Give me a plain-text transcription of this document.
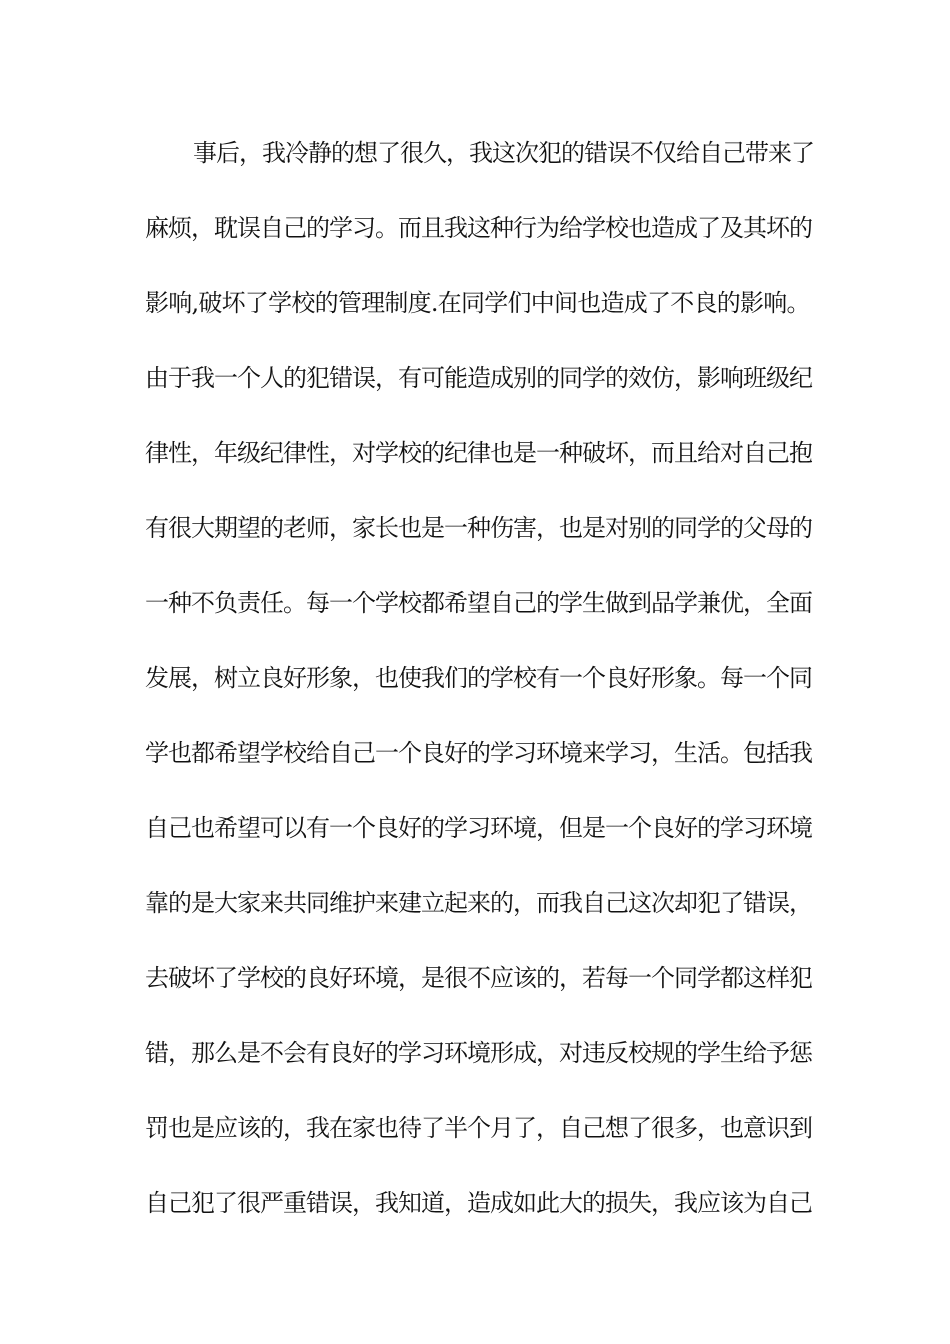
事后，我冷静的想了很久，我这次犯的错误不仅给自己带来了
麻烦，耽误自己的学习。而且我这种行为给学校也造成了及其坏的
影响,破坏了学校的管理制度.在同学们中间也造成了不良的影响。
由于我一个人的犯错误，有可能造成别的同学的效仿，影响班级纪
律性，年级纪律性，对学校的纪律也是一种破坏，而且给对自己抱
有很大期望的老师，家长也是一种伤害，也是对别的同学的父母的
一种不负责任。每一个学校都希望自己的学生做到品学兼优，全面
发展，树立良好形象，也使我们的学校有一个良好形象。每一个同
学也都希望学校给自己一个良好的学习环境来学习，生活。包括我
自己也希望可以有一个良好的学习环境，但是一个良好的学习环境
靠的是大家来共同维护来建立起来的，而我自己这次却犯了错误，
去破坏了学校的良好环境，是很不应该的，若每一个同学都这样犯
错，那么是不会有良好的学习环境形成，对违反校规的学生给予惩
罚也是应该的，我在家也待了半个月了，自己想了很多，也意识到
自己犯了很严重错误，我知道，造成如此大的损失，我应该为自己
